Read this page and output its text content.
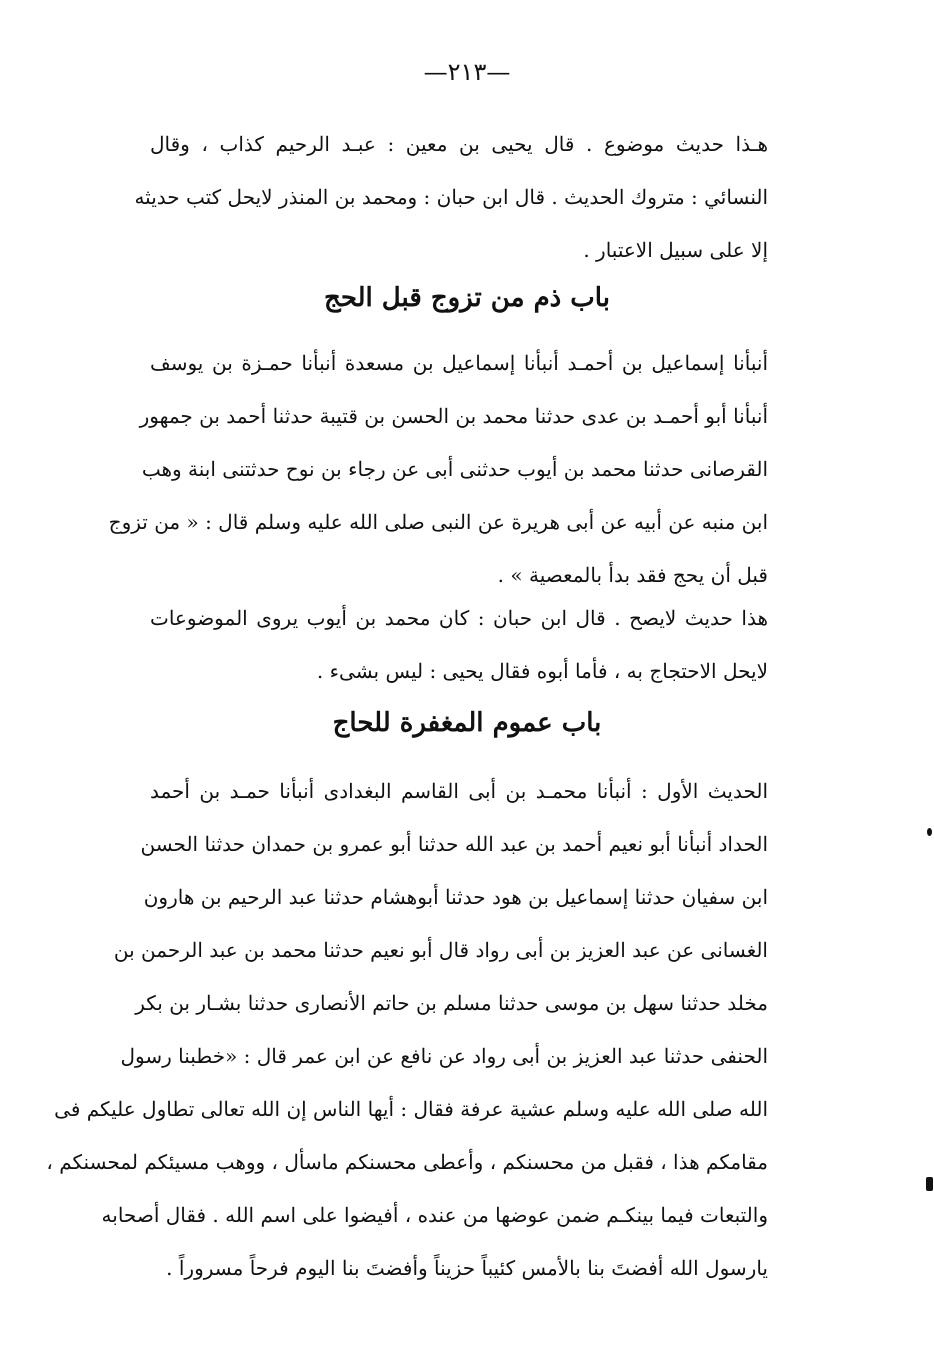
—٢١٣—
هـذا حديث موضوع . قال يحيى بن معين : عبـد الرحيم كذاب ، وقال
النسائي : متروك الحديث . قال ابن حبان : ومحمد بن المنذر لايحل كتب حديثه
إلا على سبيل الاعتبار .
باب ذم من تزوج قبل الحج
أنبأنا إسماعيل بن أحمـد أنبأنا إسماعيل بن مسعدة أنبأنا حمـزة بن يوسف
أنبأنا أبو أحمـد بن عدى حدثنا محمد بن الحسن بن قتيبة حدثنا أحمد بن جمهور
القرصانى حدثنا محمد بن أيوب حدثنى أبى عن رجاء بن نوح حدثتنى ابنة وهب
ابن منبه عن أبيه عن أبى هريرة عن النبى صلى الله عليه وسلم قال : « من تزوج
قبل أن يحج فقد بدأ بالمعصية » .
هذا حديث لايصح . قال ابن حبان : كان محمد بن أيوب يروى الموضوعات
لايحل الاحتجاج به ، فأما أبوه فقال يحيى : ليس بشىء .
باب عموم المغفرة للحاج
الحديث الأول : أنبأنا محمـد بن أبى القاسم البغدادى أنبأنا حمـد بن أحمد
الحداد أنبأنا أبو نعيم أحمد بن عبد الله حدثنا أبو عمرو بن حمدان حدثنا الحسن
ابن سفيان حدثنا إسماعيل بن هود حدثنا أبوهشام حدثنا عبد الرحيم بن هارون
الغسانى عن عبد العزيز بن أبى رواد قال أبو نعيم حدثنا محمد بن عبد الرحمن بن
مخلد حدثنا سهل بن موسى حدثنا مسلم بن حاتم الأنصارى حدثنا بشـار بن بكر
الحنفى حدثنا عبد العزيز بن أبى رواد عن نافع عن ابن عمر قال : «خطبنا رسول
الله صلى الله عليه وسلم عشية عرفة فقال : أيها الناس إن الله تعالى تطاول عليكم فى
مقامكم هذا ، فقبل من محسنكم ، وأعطى محسنكم ماسأل ، ووهب مسيئكم لمحسنكم ،
والتبعات فيما بينكـم ضمن عوضها من عنده ، أفيضوا على اسم الله . فقال أصحابه
يارسول الله أفضتَ بنا بالأمس كئيباً حزيناً وأفضتَ بنا اليوم فرحاً مسروراً .
